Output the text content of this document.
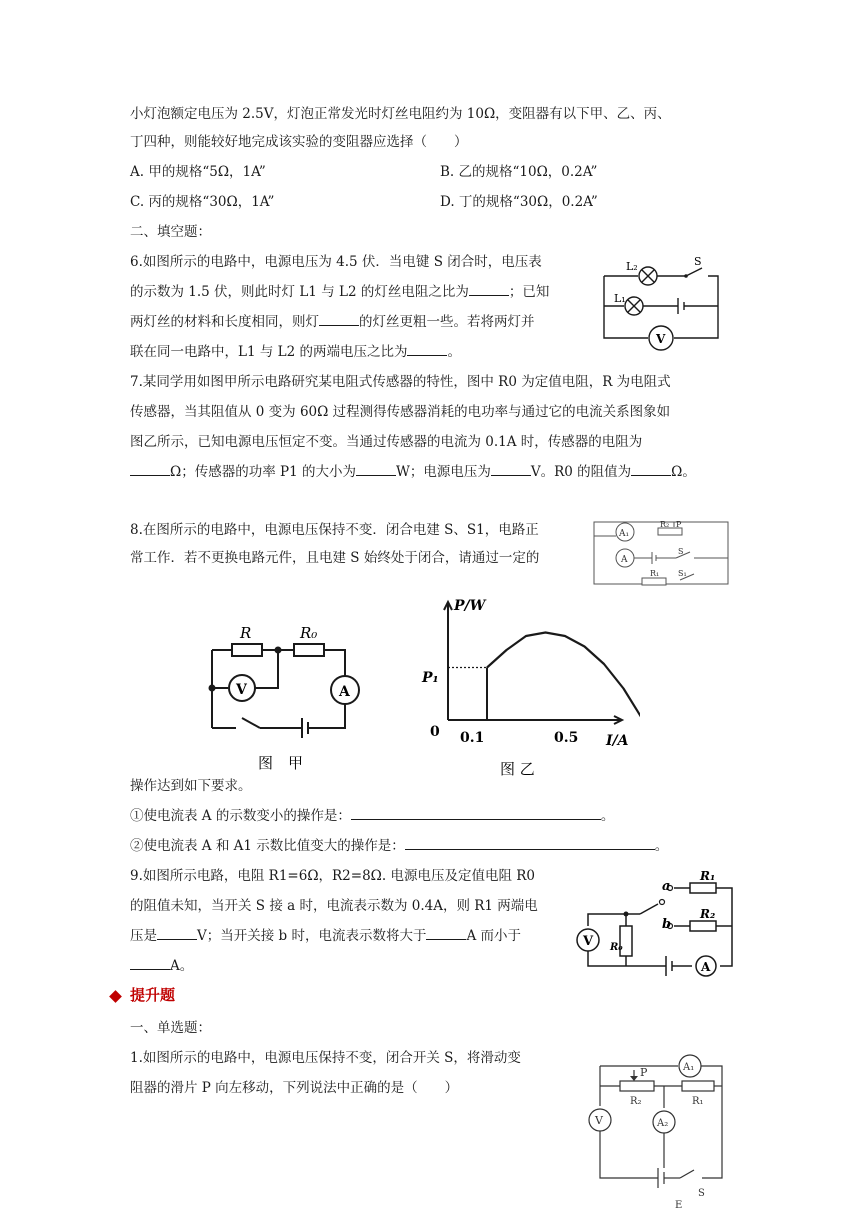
小灯泡额定电压为 2.5V，灯泡正常发光时灯丝电阻约为 10Ω，变阻器有以下甲、乙、丙、
丁四种，则能较好地完成该实验的变阻器应选择（　　）
A. 甲的规格“5Ω，1A”	B. 乙的规格“10Ω，0.2A”
C. 丙的规格“30Ω，1A”	D. 丁的规格“30Ω，0.2A”
二、填空题：
6.如图所示的电路中，电源电压为 4.5 伏．当电键 S 闭合时，电压表
的示数为 1.5 伏，则此时灯 L1 与 L2 的灯丝电阻之比为	；已知
两灯丝的材料和长度相同，则灯	的灯丝更粗一些。若将两灯并
联在同一电路中，L1 与 L2 的两端电压之比为	。
L₂
L₁
S
V
7.某同学用如图甲所示电路研究某电阻式传感器的特性，图中 R0 为定值电阻，R 为电阻式
传感器，当其阻值从 0 变为 60Ω 过程测得传感器消耗的电功率与通过它的电流关系图象如
图乙所示，已知电源电压恒定不变。当通过传感器的电流为 0.1A 时，传感器的电阻为
Ω；传感器的功率 P1 的大小为	W；电源电压为	V。R0 的阻值为	Ω。
8.在图所示的电路中，电源电压保持不变．闭合电建 S、S1，电路正
常工作．若不更换电路元件，且电建 S 始终处于闭合，请通过一定的
A₁
A
R₂ P
R₁
S
S₁
R	R₀
V	A
图　甲
P/W
I/A
P₁
0 0.1	0.5
图 乙
操作达到如下要求。
①使电流表 A 的示数变小的操作是：	。
②使电流表 A 和 A1 示数比值变大的操作是：	。
9.如图所示电路，电阻 R1=6Ω，R2=8Ω. 电源电压及定值电阻 R0
的阻值未知，当开关 S 接 a 时，电流表示数为 0.4A，则 R1 两端电
压是	V；当开关接 b 时，电流表示数将大于	A 而小于
A。
a
b
R₁
R₂
R₀
V
A
提升题
一、单选题：
1.如图所示的电路中，电源电压保持不变，闭合开关 S，将滑动变
阻器的滑片 P 向左移动，下列说法中正确的是（　　）
P	A₁
R₂	R₁
V	A₂
E
S
